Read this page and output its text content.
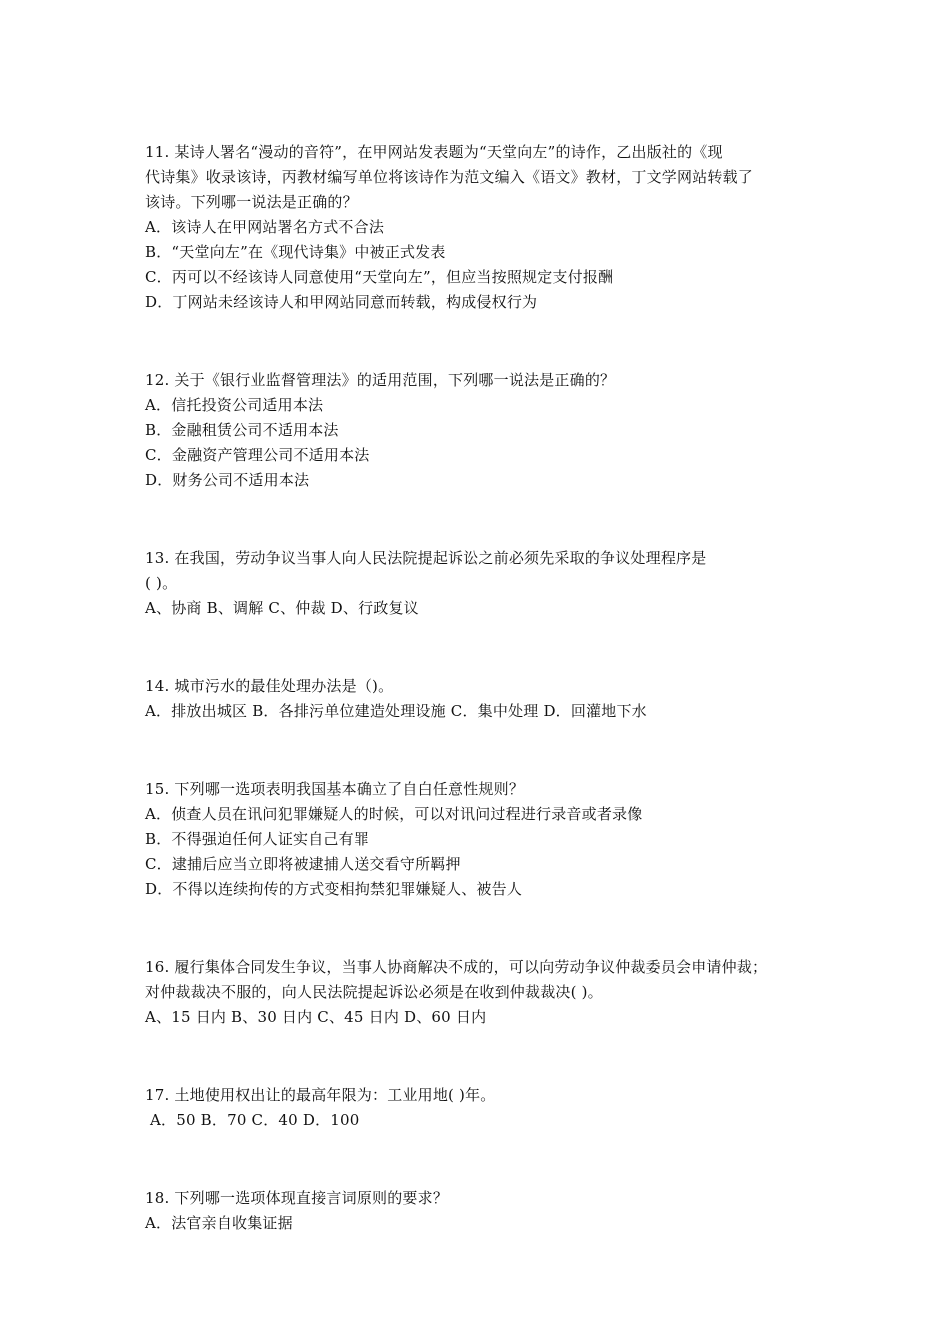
11. 某诗人署名“漫动的音符”，在甲网站发表题为“天堂向左”的诗作，乙出版社的《现
代诗集》收录该诗，丙教材编写单位将该诗作为范文编入《语文》教材，丁文学网站转载了
该诗。下列哪一说法是正确的？
A．该诗人在甲网站署名方式不合法
B．“天堂向左”在《现代诗集》中被正式发表
C．丙可以不经该诗人同意使用“天堂向左”，但应当按照规定支付报酬
D．丁网站未经该诗人和甲网站同意而转载，构成侵权行为
12. 关于《银行业监督管理法》的适用范围，下列哪一说法是正确的？
A．信托投资公司适用本法
B．金融租赁公司不适用本法
C．金融资产管理公司不适用本法
D．财务公司不适用本法
13. 在我国，劳动争议当事人向人民法院提起诉讼之前必须先采取的争议处理程序是
( )。
A、协商 B、调解 C、仲裁 D、行政复议
14. 城市污水的最佳处理办法是（)。
A．排放出城区 B．各排污单位建造处理设施 C．集中处理 D．回灌地下水
15. 下列哪一选项表明我国基本确立了自白任意性规则？
A．侦查人员在讯问犯罪嫌疑人的时候，可以对讯问过程进行录音或者录像
B．不得强迫任何人证实自己有罪
C．逮捕后应当立即将被逮捕人送交看守所羁押
D．不得以连续拘传的方式变相拘禁犯罪嫌疑人、被告人
16. 履行集体合同发生争议，当事人协商解决不成的，可以向劳动争议仲裁委员会申请仲裁；
对仲裁裁决不服的，向人民法院提起诉讼必须是在收到仲裁裁决( )。
A、15 日内 B、30 日内 C、45 日内 D、60 日内
17. 土地使用权出让的最高年限为：工业用地( )年。
A．50 B．70 C．40 D．100
18. 下列哪一选项体现直接言词原则的要求？
A．法官亲自收集证据
